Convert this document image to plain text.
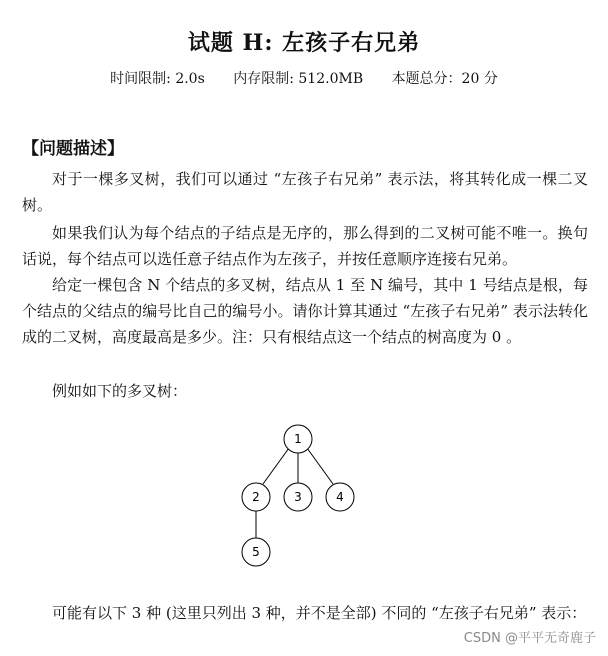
试题 H: 左孩子右兄弟
时间限制: 2.0s 内存限制: 512.0MB 本题总分：20 分
【问题描述】

对于一棵多叉树，我们可以通过 “左孩子右兄弟” 表示法，将其转化成一棵二叉树。

如果我们认为每个结点的子结点是无序的，那么得到的二叉树可能不唯一。换句话说，每个结点可以选任意子结点作为左孩子，并按任意顺序连接右兄弟。

给定一棵包含 N 个结点的多叉树，结点从 1 至 N 编号，其中 1 号结点是根，每个结点的父结点的编号比自己的编号小。请你计算其通过 “左孩子右兄弟” 表示法转化成的二叉树，高度最高是多少。注：只有根结点这一个结点的树高度为 0 。

例如如下的多叉树：

1
2	3	4
5

可能有以下 3 种 (这里只列出 3 种，并不是全部) 不同的 “左孩子右兄弟” 表示：

CSDN @平平无奇鹿子
